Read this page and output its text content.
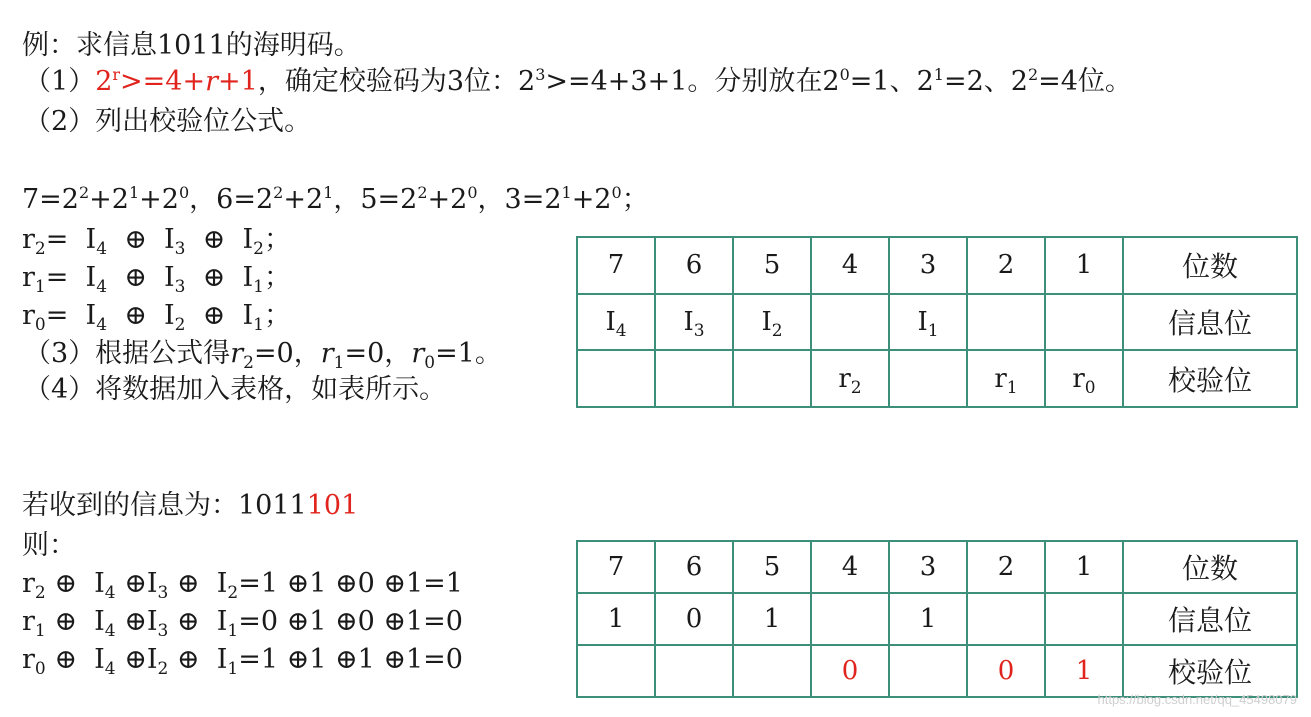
例：求信息1011的海明码。
$(1)2^r>=4+r+1$，确定校验码为3位：$2^3>=4+3+1$。分别放在$2^0=1$、$2^1=2$、$2^2=4$位。
（2）列出校验位公式。
$7=2^2+2^1+2^0$，$6=2^2+2^1$，$5=2^2+2^0$，$3=2^1+2^0$；
$r_2= I_4$  ⊕  $I_3$  ⊕  $I_2$；
$r_1= I_4$  ⊕  $I_3$  ⊕  $I_1$；
$r_0= I_4$  ⊕  $I_2$  ⊕  $I_1$；
（3）根据公式得$r_2=0$，$r_1=0$，$r_0=1$。
（4）将数据加入表格，如表所示。
7	6	5	4	3	2	1	位数
$I_4$	$I_3$	$I_2$		$I_1$			信息位
			$r_2$		$r_1$	$r_0$	校验位
若收到的信息为：1011101
则：
$r_2$ ⊕  $I_4$ $\oplus I_3$ ⊕  $I_2=1$ ⊕1 ⊕0 ⊕1=1
$r_1$ ⊕  $I_4$ $\oplus I_3$ ⊕  $I_1=0$ ⊕1 ⊕0 ⊕1=0
$r_0$ ⊕  $I_4$ $\oplus I_2$ ⊕  $I_1=1$ ⊕1 ⊕1 ⊕1=0
7	6	5	4	3	2	1	位数
1	0	1		1			信息位
			0		0	1	校验位
https://blog.csdn.net/qq_45498079
